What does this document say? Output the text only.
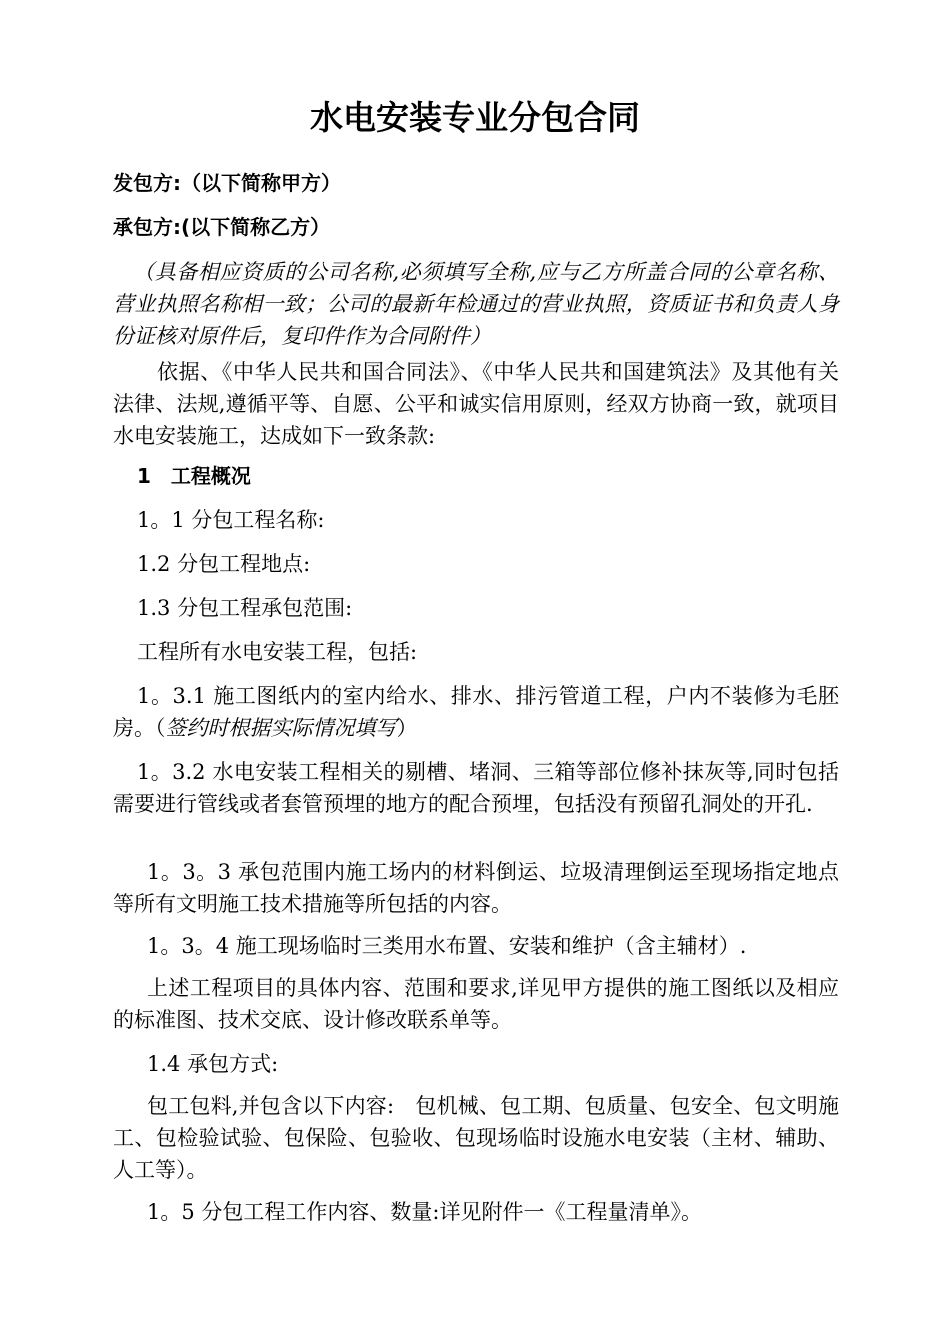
水电安装专业分包合同
发包方:（以下简称甲方）
承包方:(以下简称乙方）
（具备相应资质的公司名称,必须填写全称,应与乙方所盖合同的公章名称、营业执照名称相一致；公司的最新年检通过的营业执照，资质证书和负责人身份证核对原件后，复印件作为合同附件）
依据、《中华人民共和国合同法》、《中华人民共和国建筑法》及其他有关法律、法规,遵循平等、自愿、公平和诚实信用原则，经双方协商一致，就项目水电安装施工，达成如下一致条款:
1　工程概况
1。1 分包工程名称:
1.2 分包工程地点:
1.3 分包工程承包范围:
工程所有水电安装工程，包括:
1。3.1 施工图纸内的室内给水、排水、排污管道工程，户内不装修为毛胚房。（签约时根据实际情况填写）
1。3.2 水电安装工程相关的剔槽、堵洞、三箱等部位修补抹灰等,同时包括需要进行管线或者套管预埋的地方的配合预埋，包括没有预留孔洞处的开孔.
1。3。3 承包范围内施工场内的材料倒运、垃圾清理倒运至现场指定地点等所有文明施工技术措施等所包括的内容。
1。3。4 施工现场临时三类用水布置、安装和维护（含主辅材）.
上述工程项目的具体内容、范围和要求,详见甲方提供的施工图纸以及相应的标准图、技术交底、设计修改联系单等。
1.4 承包方式:
包工包料,并包含以下内容:　包机械、包工期、包质量、包安全、包文明施工、包检验试验、包保险、包验收、包现场临时设施水电安装（主材、辅助、人工等）。
1。5 分包工程工作内容、数量:详见附件一《工程量清单》。
